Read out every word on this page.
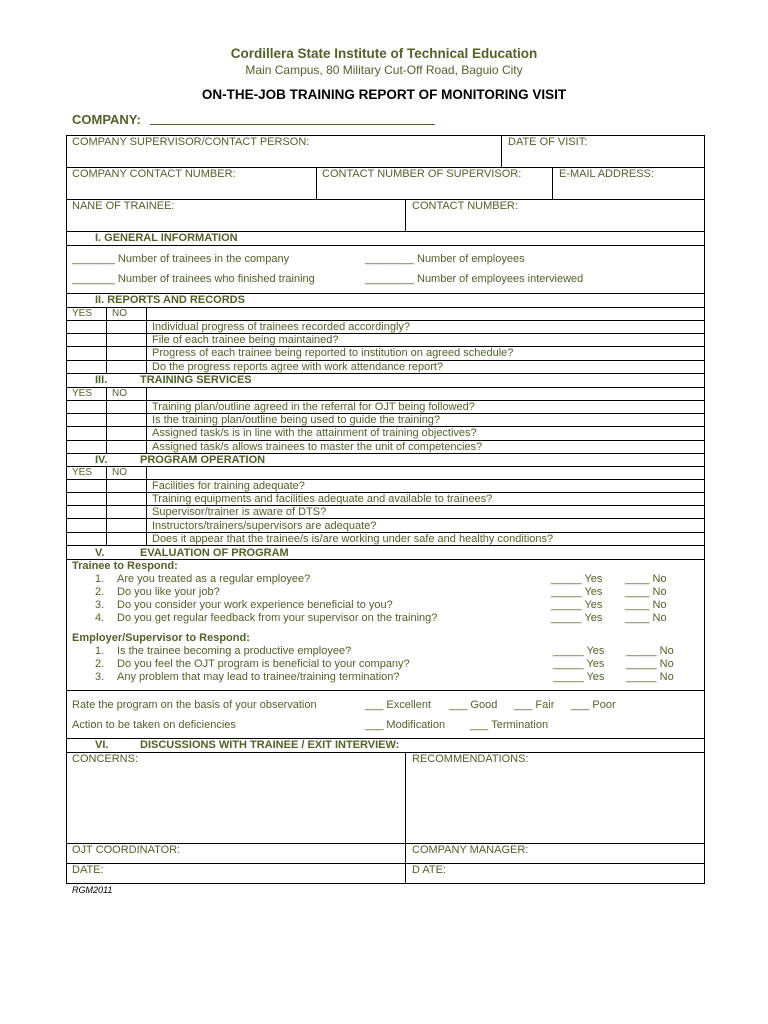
Cordillera State Institute of Technical Education
Main Campus, 80 Military Cut-Off Road, Baguio City
ON-THE-JOB TRAINING REPORT OF MONITORING VISIT
COMPANY:
COMPANY SUPERVISOR/CONTACT PERSON:	DATE OF VISIT:
COMPANY CONTACT NUMBER:	CONTACT NUMBER OF SUPERVISOR:	E-MAIL ADDRESS:
NANE OF TRAINEE:	CONTACT NUMBER:
I. GENERAL INFORMATION
_______ Number of trainees in the company	________ Number of employees
_______ Number of trainees who finished training	________ Number of employees interviewed
II. REPORTS AND RECORDS
YES NO
Individual progress of trainees recorded accordingly?
File of each trainee being maintained?
Progress of each trainee being reported to institution on agreed schedule?
Do the progress reports agree with work attendance report?
III.	TRAINING SERVICES
YES NO
Training plan/outline agreed in the referral for OJT being followed?
Is the training plan/outline being used to guide the training?
Assigned task/s is in line with the attainment of training objectives?
Assigned task/s allows trainees to master the unit of competencies?
IV.	PROGRAM OPERATION
YES NO
Facilities for training adequate?
Training equipments and facilities adequate and available to trainees?
Supervisor/trainer is aware of DTS?
Instructors/trainers/supervisors are adequate?
Does it appear that the trainee/s is/are working under safe and healthy conditions?
V.	EVALUATION OF PROGRAM
Trainee to Respond:
1. Are you treated as a regular employee?	_____ Yes ____ No
2. Do you like your job?	_____ Yes ____ No
3. Do you consider your work experience beneficial to you?	_____ Yes ____ No
4. Do you get regular feedback from your supervisor on the training?	_____ Yes ____ No
Employer/Supervisor to Respond:
1. Is the trainee becoming a productive employee?	_____ Yes _____ No
2. Do you feel the OJT program is beneficial to your company?	_____ Yes _____ No
3. Any problem that may lead to trainee/training termination?	_____ Yes _____ No
Rate the program on the basis of your observation	___ Excellent ___ Good ___ Fair ___ Poor
Action to be taken on deficiencies	___ Modification ___ Termination
VI.	DISCUSSIONS WITH TRAINEE / EXIT INTERVIEW:
CONCERNS:	RECOMMENDATIONS:
OJT COORDINATOR:	COMPANY MANAGER:
DATE:	D ATE:
RGM2011
